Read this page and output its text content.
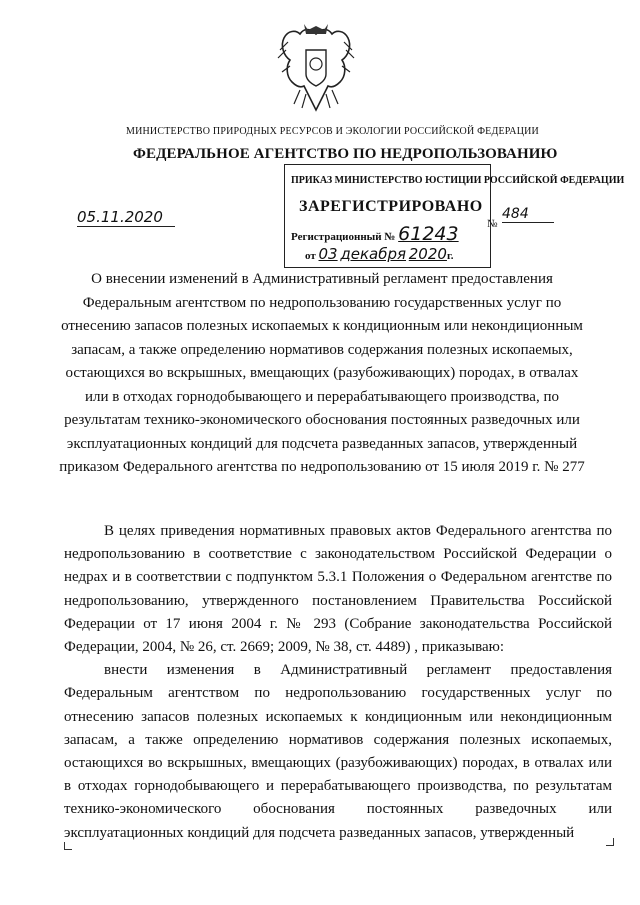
МИНИСТЕРСТВО ПРИРОДНЫХ РЕСУРСОВ И ЭКОЛОГИИ РОССИЙСКОЙ ФЕДЕРАЦИИ
ФЕДЕРАЛЬНОЕ АГЕНТСТВО ПО НЕДРОПОЛЬЗОВАНИЮ
ПРИКАЗ МИНИСТЕРСТВО ЮСТИЦИИ РОССИЙСКОЙ ФЕДЕРАЦИИ
ЗАРЕГИСТРИРОВАНО
Регистрационный № 61243
от 03 декабря 2020г.
05.11.2020	№
484
О внесении изменений в Административный регламент предоставления Федеральным агентством по недропользованию государственных услуг по отнесению запасов полезных ископаемых к кондиционным или некондиционным запасам, а также определению нормативов содержания полезных ископаемых, остающихся во вскрышных, вмещающих (разубоживающих) породах, в отвалах или в отходах горнодобывающего и перерабатывающего производства, по результатам технико-экономического обоснования постоянных разведочных или эксплуатационных кондиций для подсчета разведанных запасов, утвержденный приказом Федерального агентства по недропользованию от 15 июля 2019 г. № 277

В целях приведения нормативных правовых актов Федерального агентства по недропользованию в соответствие с законодательством Российской Федерации о недрах и в соответствии с подпунктом 5.3.1 Положения о Федеральном агентстве по недропользованию, утвержденного постановлением Правительства Российской Федерации от 17 июня 2004 г. № 293 (Собрание законодательства Российской Федерации, 2004, № 26, ст. 2669; 2009, № 38, ст. 4489) , приказываю:

внести изменения в Административный регламент предоставления Федеральным агентством по недропользованию государственных услуг по отнесению запасов полезных ископаемых к кондиционным или некондиционным запасам, а также определению нормативов содержания полезных ископаемых, остающихся во вскрышных, вмещающих (разубоживающих) породах, в отвалах или в отходах горнодобывающего и перерабатывающего производства, по результатам технико-экономического обоснования постоянных разведочных или эксплуатационных кондиций для подсчета разведанных запасов, утвержденный
